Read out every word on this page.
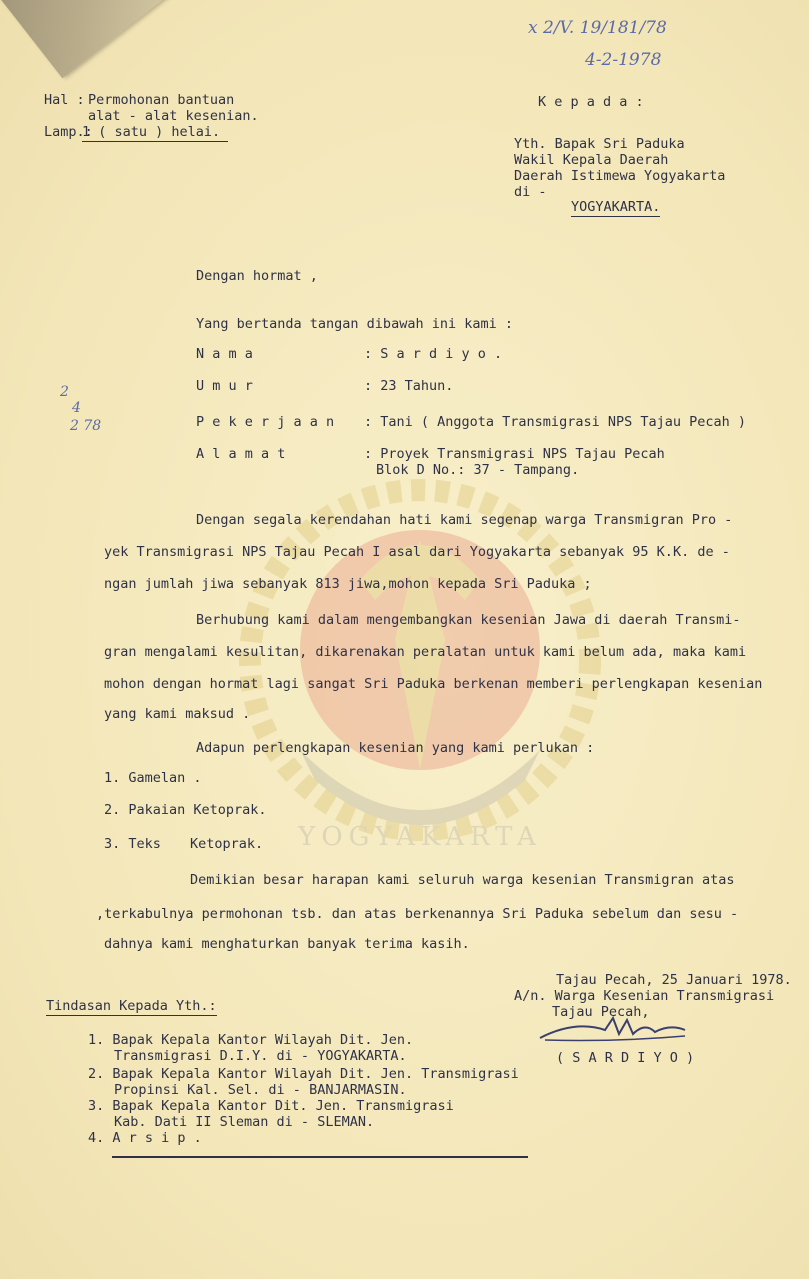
YOGYAKARTA
x 2/V. 19/181/78
4-2-1978
2
4
2 78
Hal : Permohonan bantuan
alat - alat kesenian.
Lamp.:
1 ( satu ) helai.
K e p a d a :
Yth. Bapak Sri Paduka
Wakil Kepala Daerah
Daerah Istimewa Yogyakarta
di -
YOGYAKARTA.
Dengan hormat ,
Yang bertanda tangan dibawah ini kami :
N a m a	: S a r d i y o .
U m u r	: 23 Tahun.
P e k e r j a a n : Tani ( Anggota Transmigrasi NPS Tajau Pecah )
A l a m a t	: Proyek Transmigrasi NPS Tajau Pecah
Blok D No.: 37 - Tampang.
Dengan segala kerendahan hati kami segenap warga Transmigran Pro -
yek Transmigrasi NPS Tajau Pecah I asal dari Yogyakarta sebanyak 95 K.K. de -
ngan jumlah jiwa sebanyak 813 jiwa,mohon kepada Sri Paduka ;
Berhubung kami dalam mengembangkan kesenian Jawa di daerah Transmi-
gran mengalami kesulitan, dikarenakan peralatan untuk kami belum ada, maka kami
mohon dengan hormat lagi sangat Sri Paduka berkenan memberi perlengkapan kesenian
yang kami maksud .
Adapun perlengkapan kesenian yang kami perlukan :
1. Gamelan .
2. Pakaian Ketoprak.
3. Teks Ketoprak.
Demikian besar harapan kami seluruh warga kesenian Transmigran atas
,terkabulnya permohonan tsb. dan atas berkenannya Sri Paduka sebelum dan sesu -
dahnya kami menghaturkan banyak terima kasih.
Tajau Pecah, 25 Januari 1978.
A/n. Warga Kesenian Transmigrasi
Tajau Pecah,
( S A R D I Y O )
Tindasan Kepada Yth.:
1. Bapak Kepala Kantor Wilayah Dit. Jen.
Transmigrasi D.I.Y. di - YOGYAKARTA.
2. Bapak Kepala Kantor Wilayah Dit. Jen. Transmigrasi
Propinsi Kal. Sel. di - BANJARMASIN.
3. Bapak Kepala Kantor Dit. Jen. Transmigrasi
Kab. Dati II Sleman di - SLEMAN.
4. A r s i p .
